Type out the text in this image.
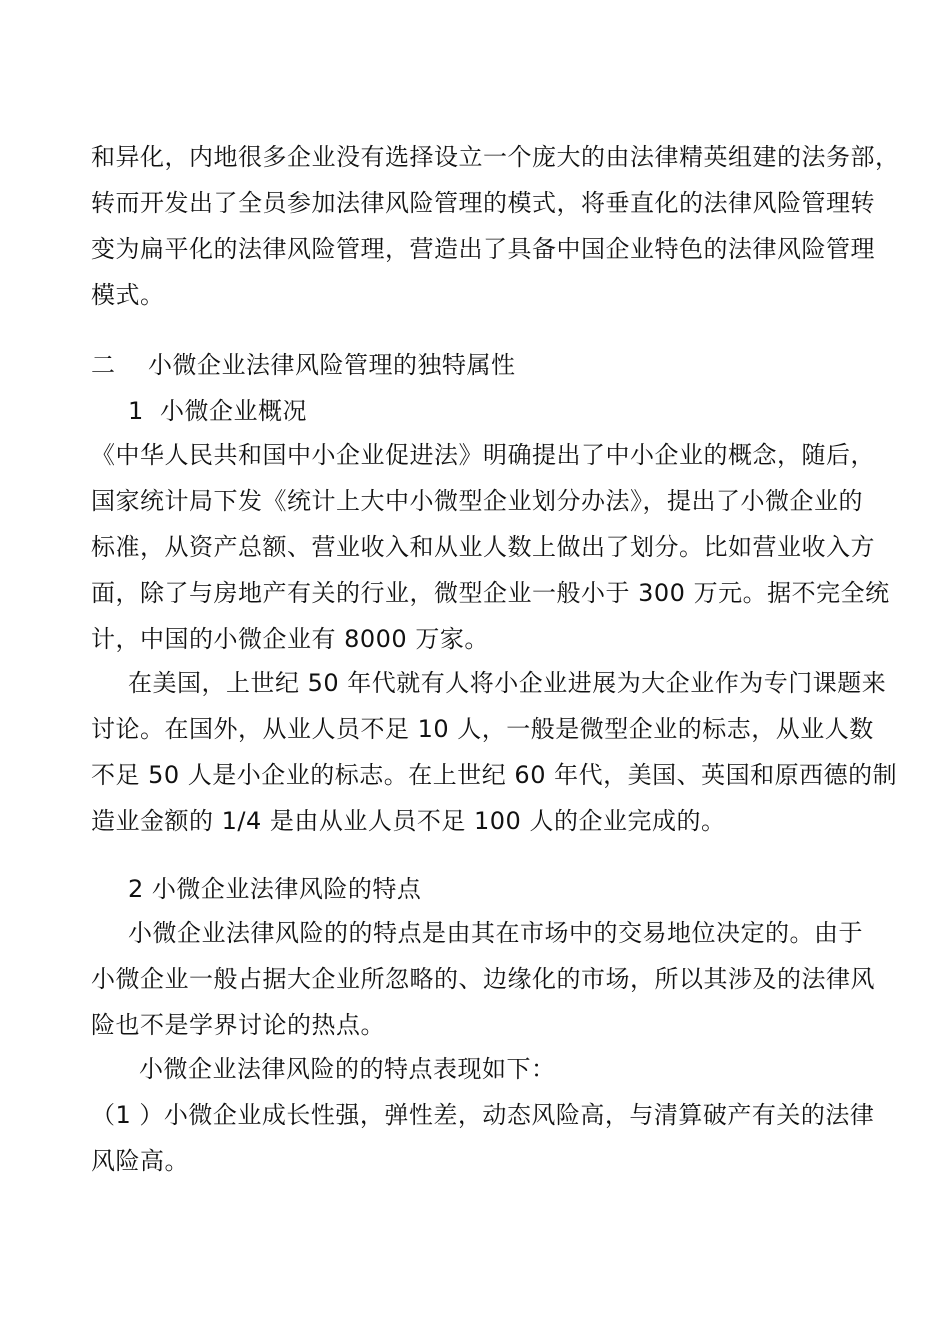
和异化，内地很多企业没有选择设立一个庞大的由法律精英组建的法务部，
转而开发出了全员参加法律风险管理的模式，将垂直化的法律风险管理转
变为扁平化的法律风险管理，营造出了具备中国企业特色的法律风险管理
模式。
二    小微企业法律风险管理的独特属性
1  小微企业概况
《中华人民共和国中小企业促进法》明确提出了中小企业的概念，随后，
国家统计局下发《统计上大中小微型企业划分办法》，提出了小微企业的
标准，从资产总额、营业收入和从业人数上做出了划分。比如营业收入方
面，除了与房地产有关的行业，微型企业一般小于 300 万元。据不完全统
计，中国的小微企业有 8000 万家。
在美国，上世纪 50 年代就有人将小企业进展为大企业作为专门课题来
讨论。在国外，从业人员不足 10 人，一般是微型企业的标志，从业人数
不足 50 人是小企业的标志。在上世纪 60 年代，美国、英国和原西德的制
造业金额的 1/4 是由从业人员不足 100 人的企业完成的。
2 小微企业法律风险的特点
小微企业法律风险的的特点是由其在市场中的交易地位决定的。由于
小微企业一般占据大企业所忽略的、边缘化的市场，所以其涉及的法律风
险也不是学界讨论的热点。
小微企业法律风险的的特点表现如下：
（1 ）小微企业成长性强，弹性差，动态风险高，与清算破产有关的法律
风险高。
